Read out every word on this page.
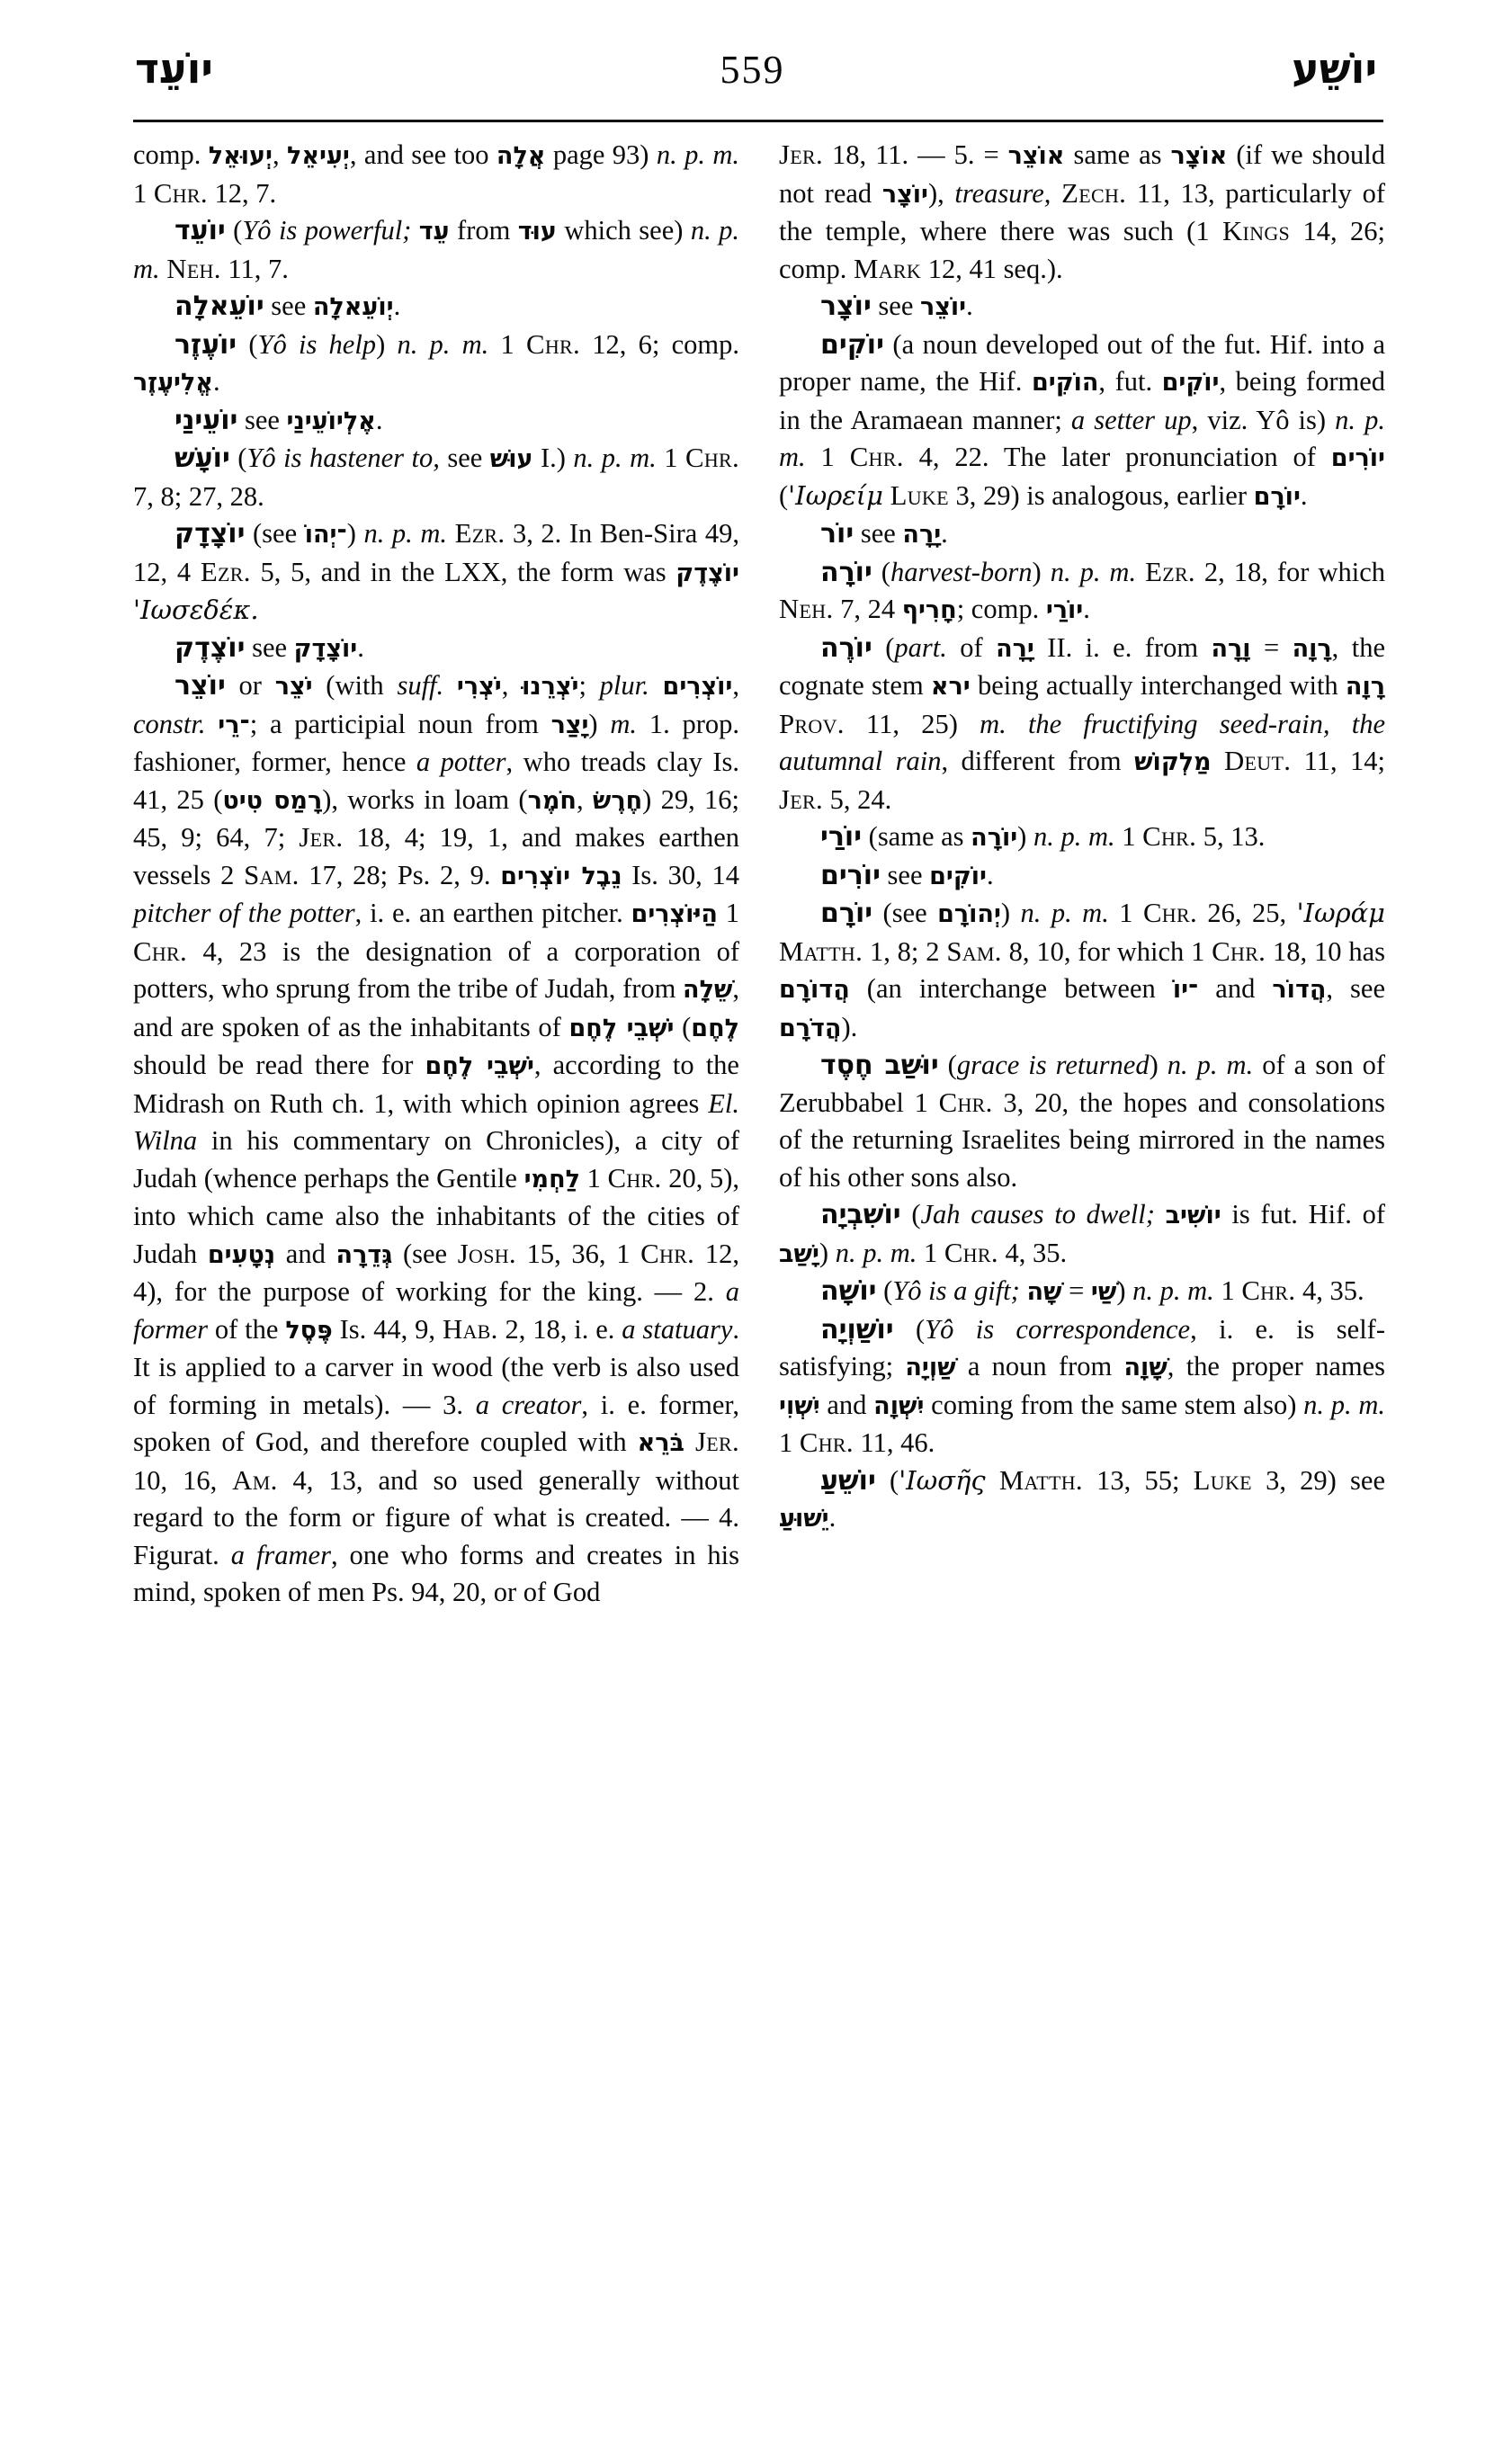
יוֹעֵד	559	יוֹשֵׁע

comp. יְעוּאֵל, יְעִיאֵל, and see too אֲלָה page 93) n. p. m. 1 Chr. 12, 7.

יוֹעֵד (Yô is powerful; עֵד from עוּד which see) n. p. m. Neh. 11, 7.

יוֹעֵאלָה see יְוֹעֵאלָה.

יוֹעֶזֶר (Yô is help) n. p. m. 1 Chr. 12, 6; comp. אֱלִיעֶזֶר.

יוֹעֵינַי see אֶלְיוֹעֵינַי.

יוֹעָשׁ (Yô is hastener to, see עוּשׁ I.) n. p. m. 1 Chr. 7, 8; 27, 28.

יוֹצָדָק (see ־יְהוֹ) n. p. m. Ezr. 3, 2. In Ben-Sira 49, 12, 4 Ezr. 5, 5, and in the LXX, the form was יוֹצֶדֶק 'Ιωσεδέκ.

יוֹצֶדֶק see יוֹצָדָק.

יוֹצֵר or יֹצֵר (with suff. יֹצְרִי, יֹצְרֵנוּ; plur. יוֹצְרִים, constr. ־רֵי; a participial noun from יָצַר) m. 1. prop. fashioner, former, hence a potter, who treads clay Is. 41, 25 (רָמַס טִיט), works in loam (חֹמֶר, חֶרֶשׂ) 29, 16; 45, 9; 64, 7; Jer. 18, 4; 19, 1, and makes earthen vessels 2 Sam. 17, 28; Ps. 2, 9. נֵבֶל יוֹצְרִים Is. 30, 14 pitcher of the potter, i. e. an earthen pitcher. הַיּוֹצְרִים 1 Chr. 4, 23 is the designation of a corporation of potters, who sprung from the tribe of Judah, from שֵׁלָה, and are spoken of as the inhabitants of יֹשְׁבֵי לֶחֶם (לֶחֶם should be read there for יֹשְׁבֵי לֶחֶם, according to the Midrash on Ruth ch. 1, with which opinion agrees El. Wilna in his commentary on Chronicles), a city of Judah (whence perhaps the Gentile לַחְמִי 1 Chr. 20, 5), into which came also the inhabitants of the cities of Judah נְטָעִים and גְּדֵרָה (see Josh. 15, 36, 1 Chr. 12, 4), for the purpose of working for the king. — 2. a former of the פֶּסֶל Is. 44, 9, Hab. 2, 18, i. e. a statuary. It is applied to a carver in wood (the verb is also used of forming in metals). — 3. a creator, i. e. former, spoken of God, and therefore coupled with בֹּרֵא Jer. 10, 16, Am. 4, 13, and so used generally without regard to the form or figure of what is created. — 4. Figurat. a framer, one who forms and creates in his mind, spoken of men Ps. 94, 20, or of God

Jer. 18, 11. — 5. = אוֹצֵר same as אוֹצָר (if we should not read יוֹצָר), treasure, Zech. 11, 13, particularly of the temple, where there was such (1 Kings 14, 26; comp. Mark 12, 41 seq.).

יוֹצָר see יוֹצֵר.

יוֹקִים (a noun developed out of the fut. Hif. into a proper name, the Hif. הוֹקִים, fut. יוֹקִים, being formed in the Aramaean manner; a setter up, viz. Yô is) n. p. m. 1 Chr. 4, 22. The later pronunciation of יוֹרִים ('Ιωρείμ Luke 3, 29) is analogous, earlier יוֹרָם.

יוֹר see יָרָה.

יוֹרָה (harvest-born) n. p. m. Ezr. 2, 18, for which Neh. 7, 24 חָרִיף; comp. יוֹרַי.

יוֹרֶה (part. of יָרָה II. i. e. from וָרָה = רָוָה, the cognate stem ירא being actually interchanged with רָוָה Prov. 11, 25) m. the fructifying seed-rain, the autumnal rain, different from מַלְקוֹשׁ Deut. 11, 14; Jer. 5, 24.

יוֹרַי (same as יוֹרָה) n. p. m. 1 Chr. 5, 13.

יוֹרִים see יוֹקִים.

יוֹרָם (see יְהוֹרָם) n. p. m. 1 Chr. 26, 25, 'Ιωράμ Matth. 1, 8; 2 Sam. 8, 10, for which 1 Chr. 18, 10 has הֲדוֹרָם (an interchange between ־יוֹ and הֲדוֹר, see הֲדֹרָם).

יוּשַׁב חֶסֶד (grace is returned) n. p. m. of a son of Zerubbabel 1 Chr. 3, 20, the hopes and consolations of the returning Israelites being mirrored in the names of his other sons also.

יוֹשִׁבְיָה (Jah causes to dwell; יוֹשִׁיב is fut. Hif. of יָשַׁב) n. p. m. 1 Chr. 4, 35.

יוֹשָׁה (Yô is a gift; שָׁה = שַׁי) n. p. m. 1 Chr. 4, 35.

יוֹשַׁוְיָה (Yô is correspondence, i. e. is self-satisfying; שַׁוְיָה a noun from שָׁוָה, the proper names יִשְׁוִי and יִשְׁוָה coming from the same stem also) n. p. m. 1 Chr. 11, 46.

יוֹשֵׁעַ ('Ιωσῆς Matth. 13, 55; Luke 3, 29) see יֵשׁוּעַ.
